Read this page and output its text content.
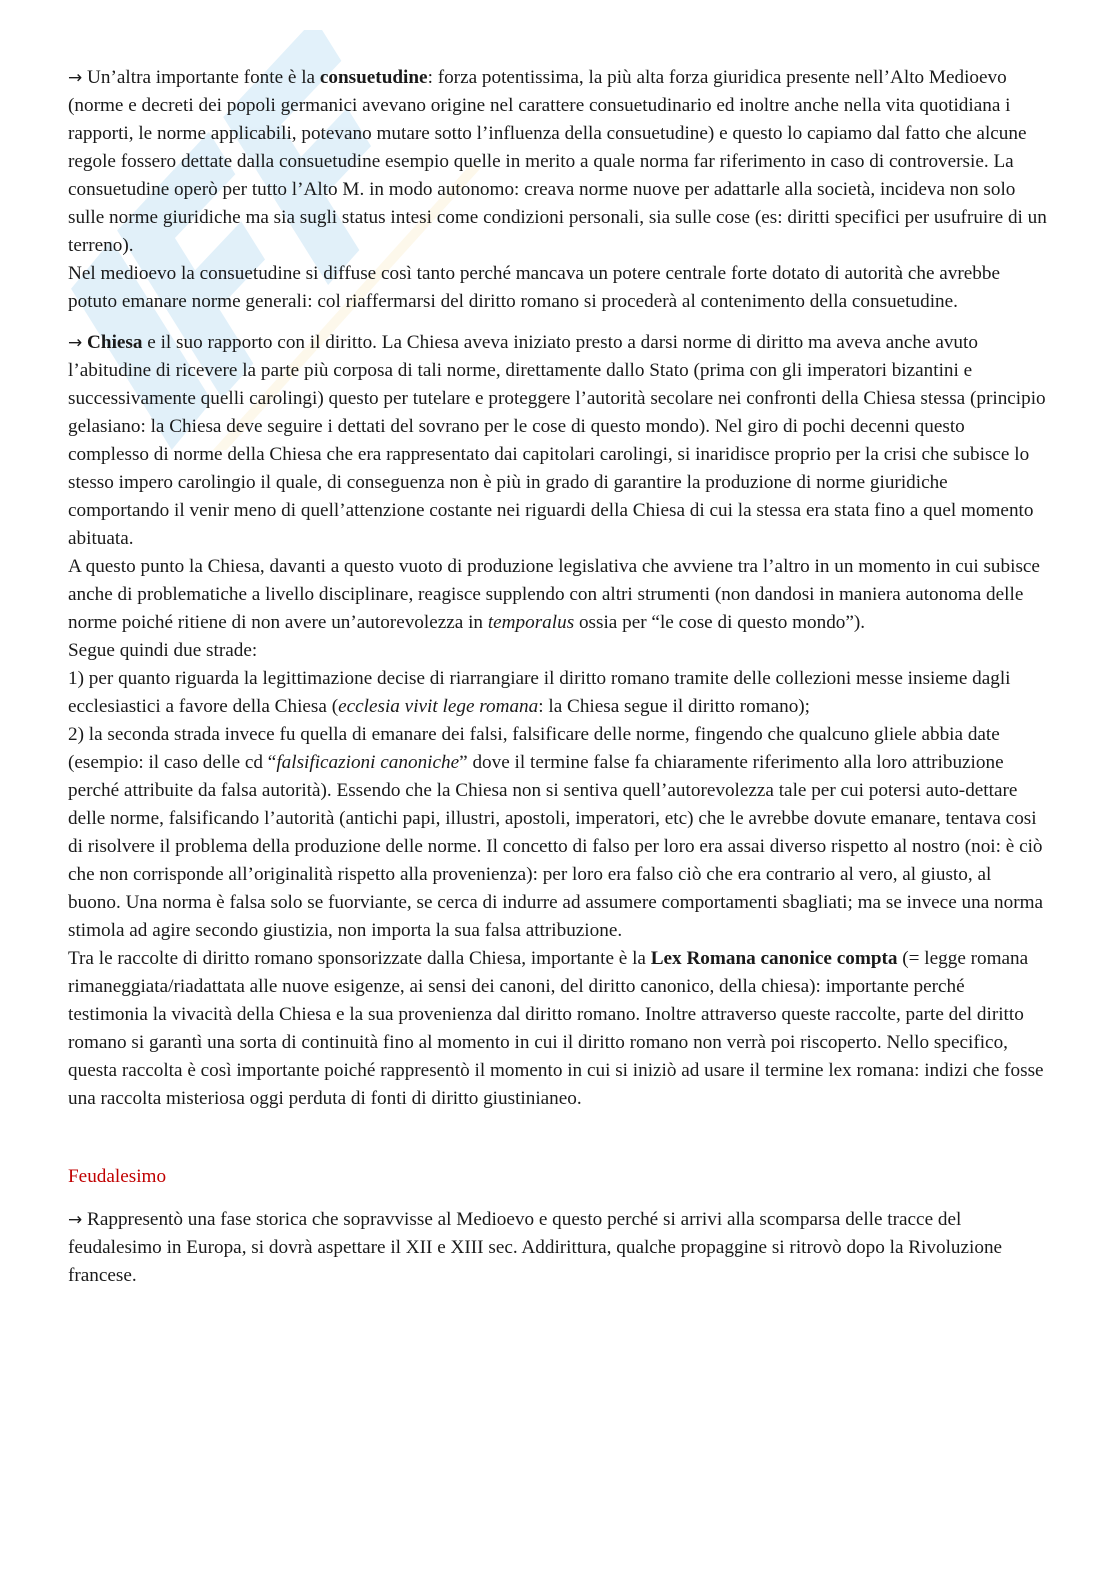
→ Un’altra importante fonte è la consuetudine: forza potentissima, la più alta forza giuridica presente nell’Alto Medioevo (norme e decreti dei popoli germanici avevano origine nel carattere consuetudinario ed inoltre anche nella vita quotidiana i rapporti, le norme applicabili, potevano mutare sotto l’influenza della consuetudine) e questo lo capiamo dal fatto che alcune regole fossero dettate dalla consuetudine esempio quelle in merito a quale norma far riferimento in caso di controversie. La consuetudine operò per tutto l’Alto M. in modo autonomo: creava norme nuove per adattarle alla società, incideva non solo sulle norme giuridiche ma sia sugli status intesi come condizioni personali, sia sulle cose (es: diritti specifici per usufruire di un terreno).

Nel medioevo la consuetudine si diffuse così tanto perché mancava un potere centrale forte dotato di autorità che avrebbe potuto emanare norme generali: col riaffermarsi del diritto romano si procederà al contenimento della consuetudine.

→ Chiesa e il suo rapporto con il diritto. La Chiesa aveva iniziato presto a darsi norme di diritto ma aveva anche avuto l’abitudine di ricevere la parte più corposa di tali norme, direttamente dallo Stato (prima con gli imperatori bizantini e successivamente quelli carolingi) questo per tutelare e proteggere l’autorità secolare nei confronti della Chiesa stessa (principio gelasiano: la Chiesa deve seguire i dettati del sovrano per le cose di questo mondo). Nel giro di pochi decenni questo complesso di norme della Chiesa che era rappresentato dai capitolari carolingi, si inaridisce proprio per la crisi che subisce lo stesso impero carolingio il quale, di conseguenza non è più in grado di garantire la produzione di norme giuridiche comportando il venir meno di quell’attenzione costante nei riguardi della Chiesa di cui la stessa era stata fino a quel momento abituata.

A questo punto la Chiesa, davanti a questo vuoto di produzione legislativa che avviene tra l’altro in un momento in cui subisce anche di problematiche a livello disciplinare, reagisce supplendo con altri strumenti (non dandosi in maniera autonoma delle norme poiché ritiene di non avere un’autorevolezza in temporalus ossia per “le cose di questo mondo”).

Segue quindi due strade:

1) per quanto riguarda la legittimazione decise di riarrangiare il diritto romano tramite delle collezioni messe insieme dagli ecclesiastici a favore della Chiesa (ecclesia vivit lege romana: la Chiesa segue il diritto romano);

2) la seconda strada invece fu quella di emanare dei falsi, falsificare delle norme, fingendo che qualcuno gliele abbia date (esempio: il caso delle cd “falsificazioni canoniche” dove il termine false fa chiaramente riferimento alla loro attribuzione perché attribuite da falsa autorità). Essendo che la Chiesa non si sentiva quell’autorevolezza tale per cui potersi auto-dettare delle norme, falsificando l’autorità (antichi papi, illustri, apostoli, imperatori, etc) che le avrebbe dovute emanare, tentava cosi di risolvere il problema della produzione delle norme. Il concetto di falso per loro era assai diverso rispetto al nostro (noi: è ciò che non corrisponde all’originalità rispetto alla provenienza): per loro era falso ciò che era contrario al vero, al giusto, al buono. Una norma è falsa solo se fuorviante, se cerca di indurre ad assumere comportamenti sbagliati; ma se invece una norma stimola ad agire secondo giustizia, non importa la sua falsa attribuzione.

Tra le raccolte di diritto romano sponsorizzate dalla Chiesa, importante è la Lex Romana canonice compta (= legge romana rimaneggiata/riadattata alle nuove esigenze, ai sensi dei canoni, del diritto canonico, della chiesa): importante perché testimonia la vivacità della Chiesa e la sua provenienza dal diritto romano. Inoltre attraverso queste raccolte, parte del diritto romano si garantì una sorta di continuità fino al momento in cui il diritto romano non verrà poi riscoperto. Nello specifico, questa raccolta è così importante poiché rappresentò il momento in cui si iniziò ad usare il termine lex romana: indizi che fosse una raccolta misteriosa oggi perduta di fonti di diritto giustinianeo.

Feudalesimo

→ Rappresentò una fase storica che sopravvisse al Medioevo e questo perché si arrivi alla scomparsa delle tracce del feudalesimo in Europa, si dovrà aspettare il XII e XIII sec. Addirittura, qualche propaggine si ritrovò dopo la Rivoluzione francese.
